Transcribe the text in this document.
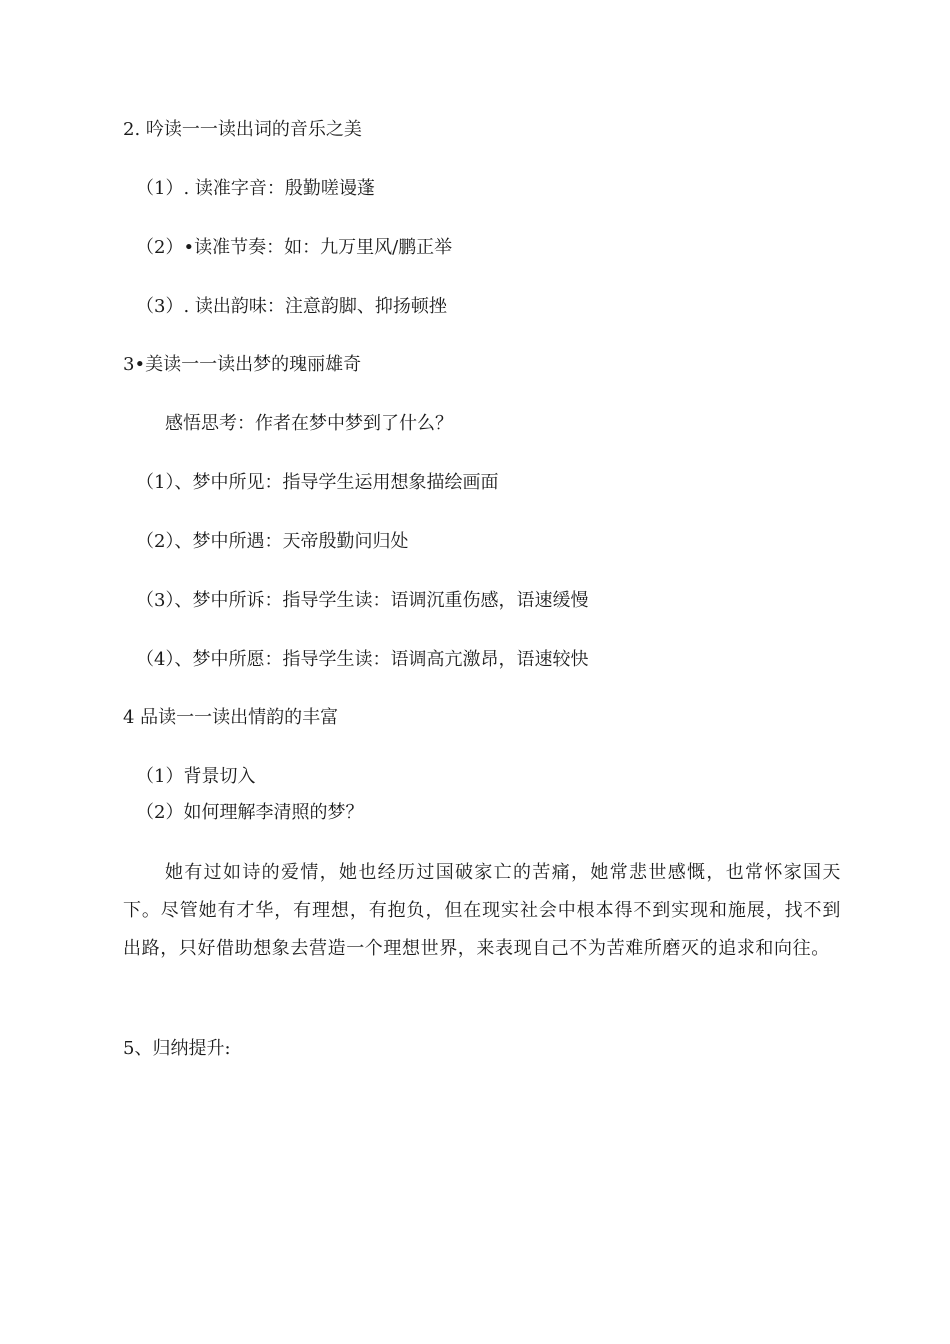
2. 吟读一一读出词的音乐之美
（1）. 读准字音：殷勤嗟谩蓬
（2）•读准节奏：如：九万里风/鹏正举
（3）. 读出韵味：注意韵脚、抑扬顿挫
3•美读一一读出梦的瑰丽雄奇
感悟思考：作者在梦中梦到了什么？
（1）、梦中所见：指导学生运用想象描绘画面
（2）、梦中所遇：天帝殷勤问归处
（3）、梦中所诉：指导学生读：语调沉重伤感，语速缓慢
（4）、梦中所愿：指导学生读：语调高亢激昂，语速较快
4 品读一一读出情韵的丰富
（1）背景切入
（2）如何理解李清照的梦？
她有过如诗的爱情，她也经历过国破家亡的苦痛，她常悲世感慨，也常怀家国天下。尽管她有才华，有理想，有抱负，但在现实社会中根本得不到实现和施展，找不到出路，只好借助想象去营造一个理想世界，来表现自己不为苦难所磨灭的追求和向往。
5、归纳提升:
